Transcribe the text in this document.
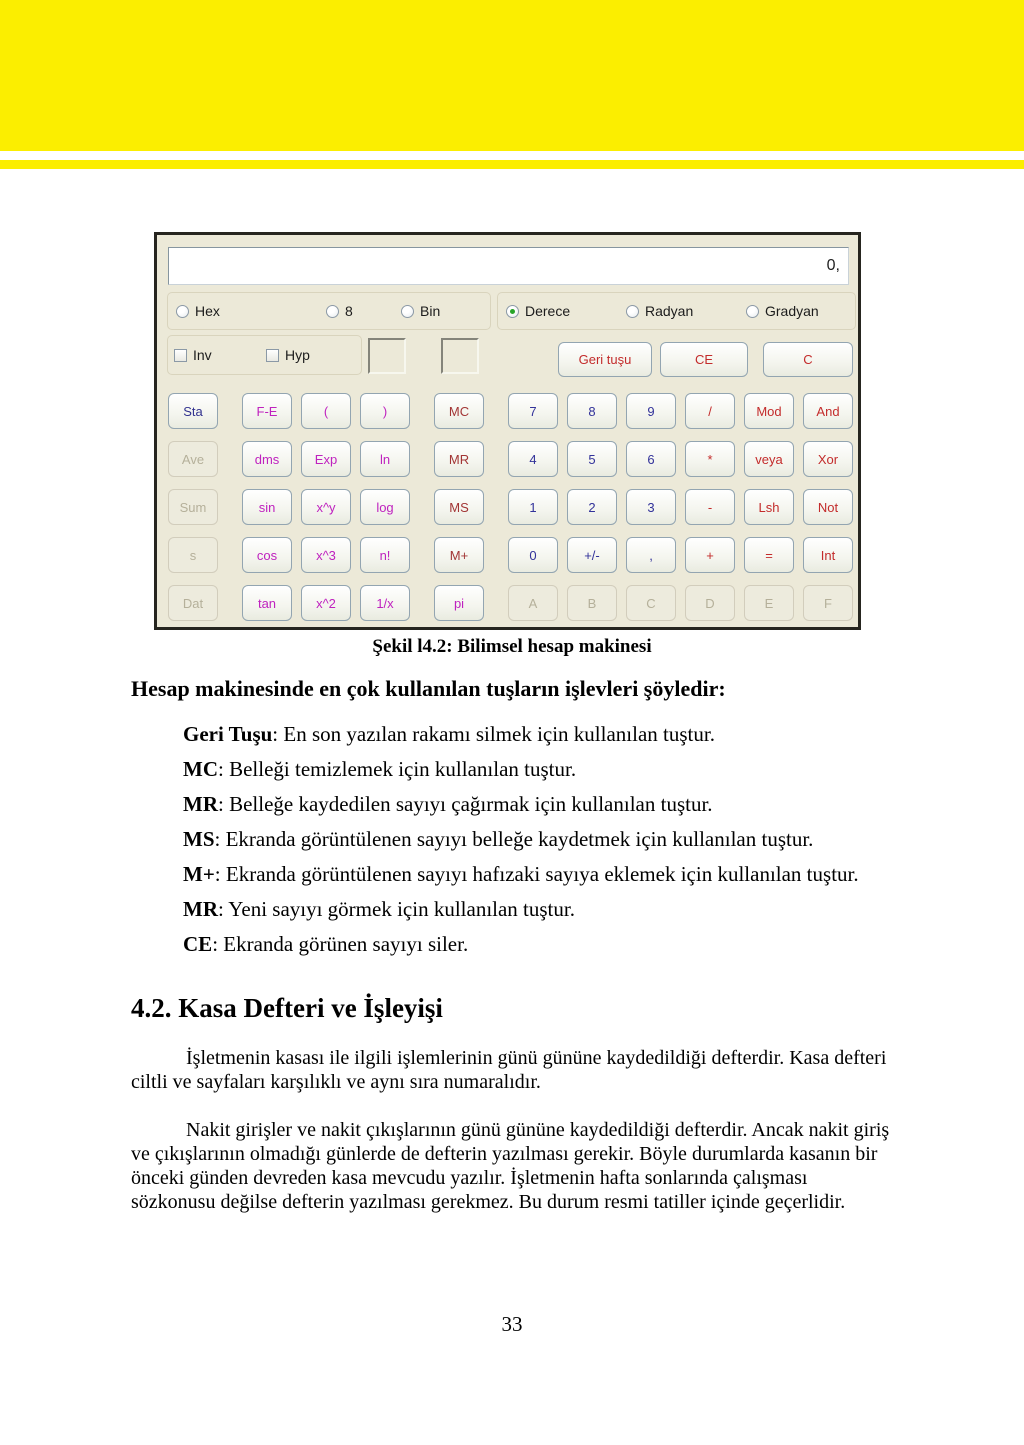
0,
Hex	8	Bin	Derece	Radyan	Gradyan
Inv	Hyp	Geri tuşu	CE	C
Sta	F-E	(	)	MC	7	8	9	/	Mod	And
Ave	dms	Exp	ln	MR	4	5	6	*	veya	Xor
Sum	sin	x^y	log	MS	1	2	3	-	Lsh	Not
s	cos	x^3	n!	M+	0	+/-	,	+	=	Int
Dat	tan	x^2	1/x	pi	A	B	C	D	E	F
Şekil l4.2: Bilimsel hesap makinesi
Hesap makinesinde en çok kullanılan tuşların işlevleri şöyledir:
Geri Tuşu: En son yazılan rakamı silmek için kullanılan tuştur.
MC: Belleği temizlemek için kullanılan tuştur.
MR: Belleğe kaydedilen sayıyı çağırmak için kullanılan tuştur.
MS: Ekranda görüntülenen sayıyı belleğe kaydetmek için kullanılan tuştur.
M+: Ekranda görüntülenen sayıyı hafızaki sayıya eklemek için kullanılan tuştur.
MR: Yeni sayıyı görmek için kullanılan tuştur.
CE: Ekranda görünen sayıyı siler.
4.2. Kasa Defteri ve İşleyişi

İşletmenin kasası ile ilgili işlemlerinin günü gününe kaydedildiği defterdir. Kasa defteri ciltli ve sayfaları karşılıklı ve aynı sıra numaralıdır.

Nakit girişler ve nakit çıkışlarının günü gününe kaydedildiği defterdir. Ancak nakit giriş ve çıkışlarının olmadığı günlerde de defterin yazılması gerekir. Böyle durumlarda kasanın bir önceki günden devreden kasa mevcudu yazılır. İşletmenin hafta sonlarında çalışması sözkonusu değilse defterin yazılması gerekmez. Bu durum resmi tatiller içinde geçerlidir.

33
